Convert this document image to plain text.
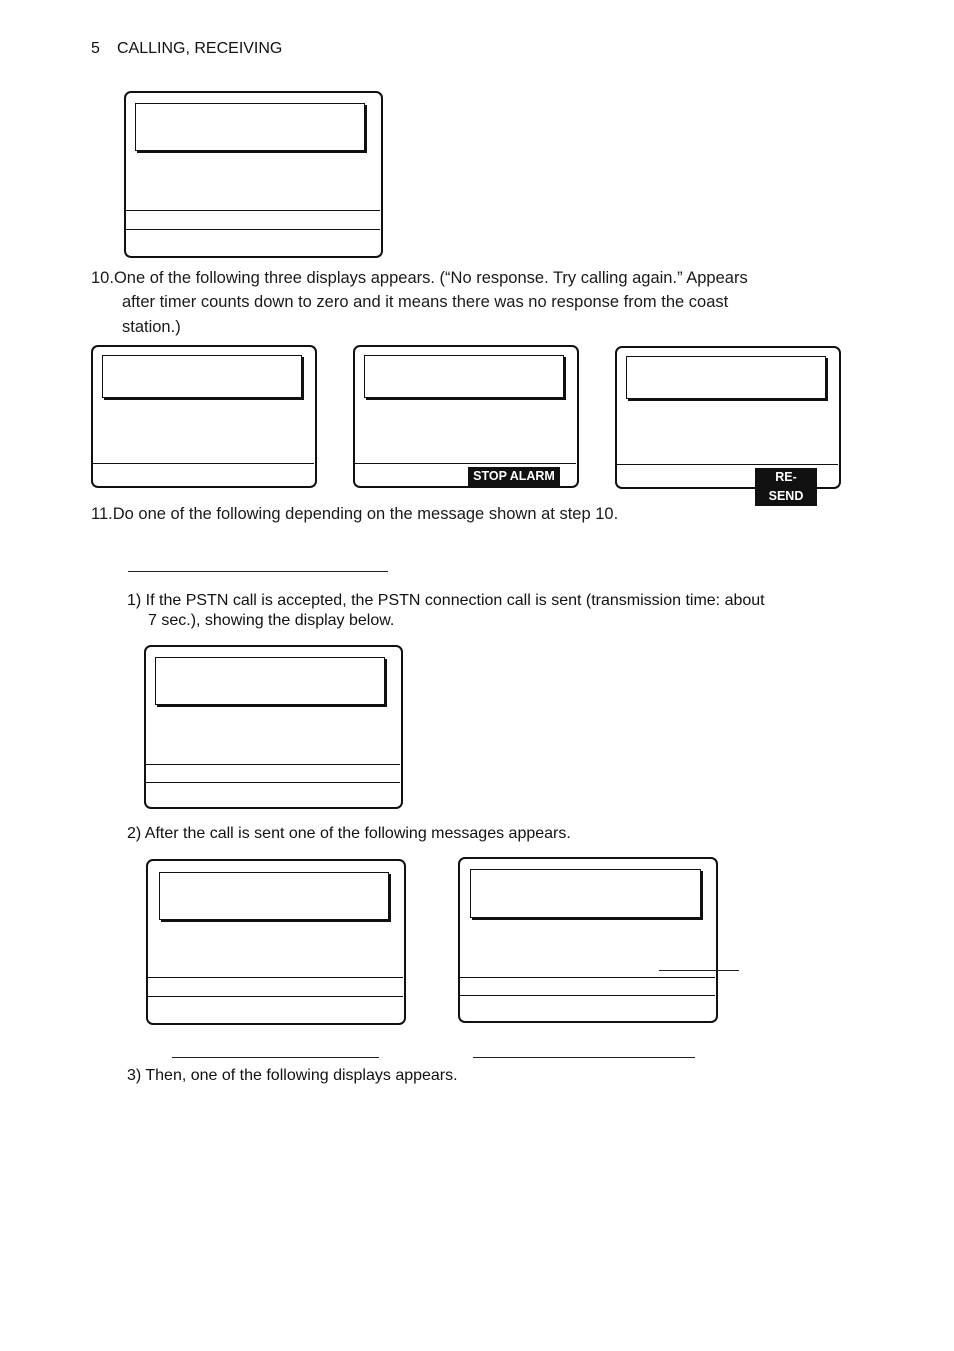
5 CALLING, RECEIVING
10.One of the following three displays appears. (“No response. Try calling again.” Appears
after timer counts down to zero and it means there was no response from the coast
station.)
STOP ALARM	RE-SEND
11.Do one of the following depending on the message shown at step 10.
1) If the PSTN call is accepted, the PSTN connection call is sent (transmission time: about
7 sec.), showing the display below.
2) After the call is sent one of the following messages appears.
3) Then, one of the following displays appears.
